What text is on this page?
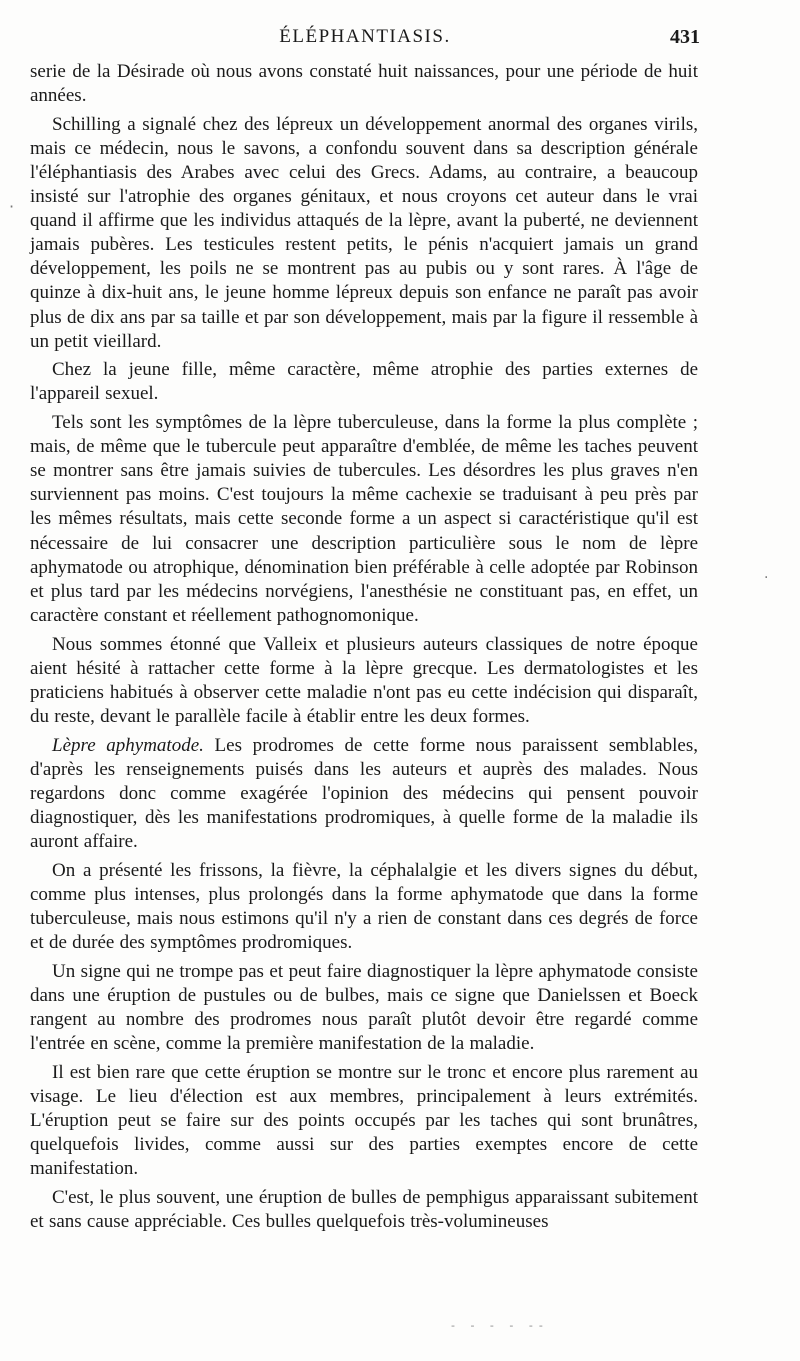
ÉLÉPHANTIASIS.	431
·
·

serie de la Désirade où nous avons constaté huit naissances, pour une période de huit années.

Schilling a signalé chez des lépreux un développement anormal des organes virils, mais ce médecin, nous le savons, a confondu souvent dans sa description générale l'éléphantiasis des Arabes avec celui des Grecs. Adams, au contraire, a beaucoup insisté sur l'atrophie des organes génitaux, et nous croyons cet auteur dans le vrai quand il affirme que les individus attaqués de la lèpre, avant la puberté, ne deviennent jamais pubères. Les testicules restent petits, le pénis n'acquiert jamais un grand développement, les poils ne se montrent pas au pubis ou y sont rares. À l'âge de quinze à dix-huit ans, le jeune homme lépreux depuis son enfance ne paraît pas avoir plus de dix ans par sa taille et par son développement, mais par la figure il ressemble à un petit vieillard.

Chez la jeune fille, même caractère, même atrophie des parties externes de l'appareil sexuel.

Tels sont les symptômes de la lèpre tuberculeuse, dans la forme la plus complète ; mais, de même que le tubercule peut apparaître d'emblée, de même les taches peuvent se montrer sans être jamais suivies de tubercules. Les désordres les plus graves n'en surviennent pas moins. C'est toujours la même cachexie se traduisant à peu près par les mêmes résultats, mais cette seconde forme a un aspect si caractéristique qu'il est nécessaire de lui consacrer une description particulière sous le nom de lèpre aphymatode ou atrophique, dénomination bien préférable à celle adoptée par Robinson et plus tard par les médecins norvégiens, l'anesthésie ne constituant pas, en effet, un caractère constant et réellement pathognomonique.

Nous sommes étonné que Valleix et plusieurs auteurs classiques de notre époque aient hésité à rattacher cette forme à la lèpre grecque. Les dermatologistes et les praticiens habitués à observer cette maladie n'ont pas eu cette indécision qui disparaît, du reste, devant le parallèle facile à établir entre les deux formes.

Lèpre aphymatode. Les prodromes de cette forme nous paraissent semblables, d'après les renseignements puisés dans les auteurs et auprès des malades. Nous regardons donc comme exagérée l'opinion des médecins qui pensent pouvoir diagnostiquer, dès les manifestations prodromiques, à quelle forme de la maladie ils auront affaire.

On a présenté les frissons, la fièvre, la céphalalgie et les divers signes du début, comme plus intenses, plus prolongés dans la forme aphymatode que dans la forme tuberculeuse, mais nous estimons qu'il n'y a rien de constant dans ces degrés de force et de durée des symptômes prodromiques.

Un signe qui ne trompe pas et peut faire diagnostiquer la lèpre aphymatode consiste dans une éruption de pustules ou de bulbes, mais ce signe que Danielssen et Boeck rangent au nombre des prodromes nous paraît plutôt devoir être regardé comme l'entrée en scène, comme la première manifestation de la maladie.

Il est bien rare que cette éruption se montre sur le tronc et encore plus rarement au visage. Le lieu d'élection est aux membres, principalement à leurs extrémités. L'éruption peut se faire sur des points occupés par les taches qui sont brunâtres, quelquefois livides, comme aussi sur des parties exemptes encore de cette manifestation.

C'est, le plus souvent, une éruption de bulles de pemphigus apparaissant subitement et sans cause appréciable. Ces bulles quelquefois très-volumineuses

- - - - --
